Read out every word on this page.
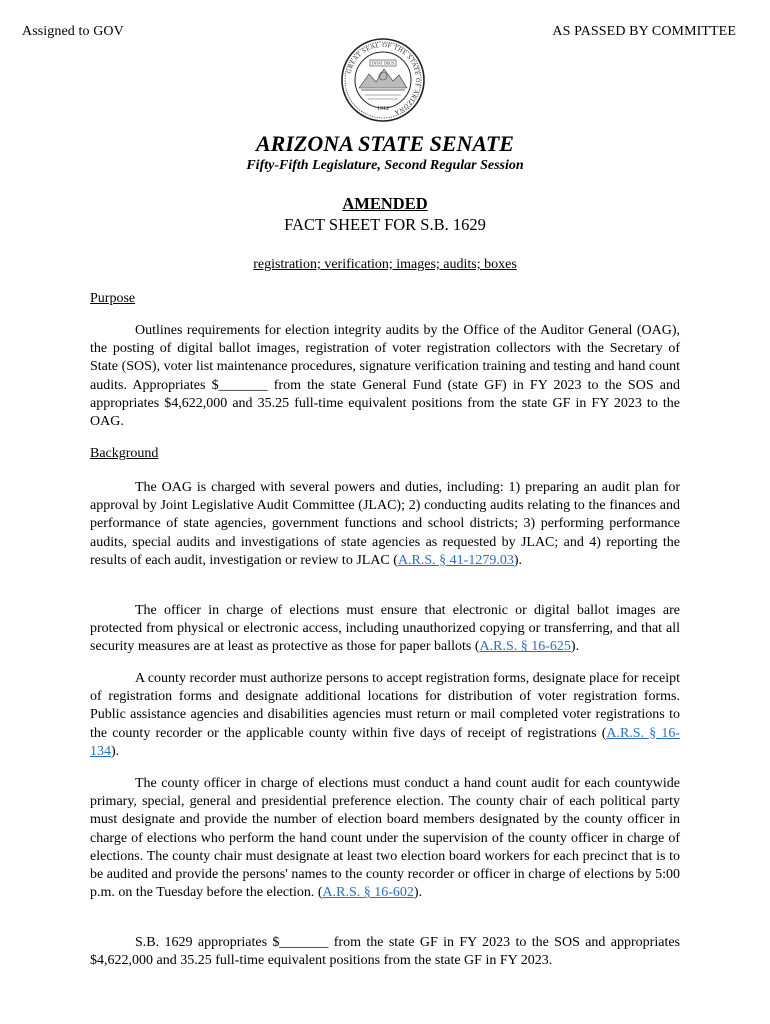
Assigned to GOV	AS PASSED BY COMMITTEE
GREAT SEAL OF THE STATE OF ARIZONA
DITAT DEUS
1912
ARIZONA STATE SENATE
Fifty-Fifth Legislature, Second Regular Session
AMENDED
FACT SHEET FOR S.B. 1629
registration; verification; images; audits; boxes
Purpose

Outlines requirements for election integrity audits by the Office of the Auditor General (OAG), the posting of digital ballot images, registration of voter registration collectors with the Secretary of State (SOS), voter list maintenance procedures, signature verification training and testing and hand count audits. Appropriates $_______ from the state General Fund (state GF) in FY 2023 to the SOS and appropriates $4,622,000 and 35.25 full-time equivalent positions from the state GF in FY 2023 to the OAG.

Background

The OAG is charged with several powers and duties, including: 1) preparing an audit plan for approval by Joint Legislative Audit Committee (JLAC); 2) conducting audits relating to the finances and performance of state agencies, government functions and school districts; 3) performing performance audits, special audits and investigations of state agencies as requested by JLAC; and 4) reporting the results of each audit, investigation or review to JLAC (A.R.S. § 41-1279.03).

The officer in charge of elections must ensure that electronic or digital ballot images are protected from physical or electronic access, including unauthorized copying or transferring, and that all security measures are at least as protective as those for paper ballots (A.R.S. § 16-625).

A county recorder must authorize persons to accept registration forms, designate place for receipt of registration forms and designate additional locations for distribution of voter registration forms. Public assistance agencies and disabilities agencies must return or mail completed voter registrations to the county recorder or the applicable county within five days of receipt of registrations (A.R.S. § 16-134).

The county officer in charge of elections must conduct a hand count audit for each countywide primary, special, general and presidential preference election. The county chair of each political party must designate and provide the number of election board members designated by the county officer in charge of elections who perform the hand count under the supervision of the county officer in charge of elections. The county chair must designate at least two election board workers for each precinct that is to be audited and provide the persons' names to the county recorder or officer in charge of elections by 5:00 p.m. on the Tuesday before the election. (A.R.S. § 16-602).

S.B. 1629 appropriates $_______ from the state GF in FY 2023 to the SOS and appropriates $4,622,000 and 35.25 full-time equivalent positions from the state GF in FY 2023.
